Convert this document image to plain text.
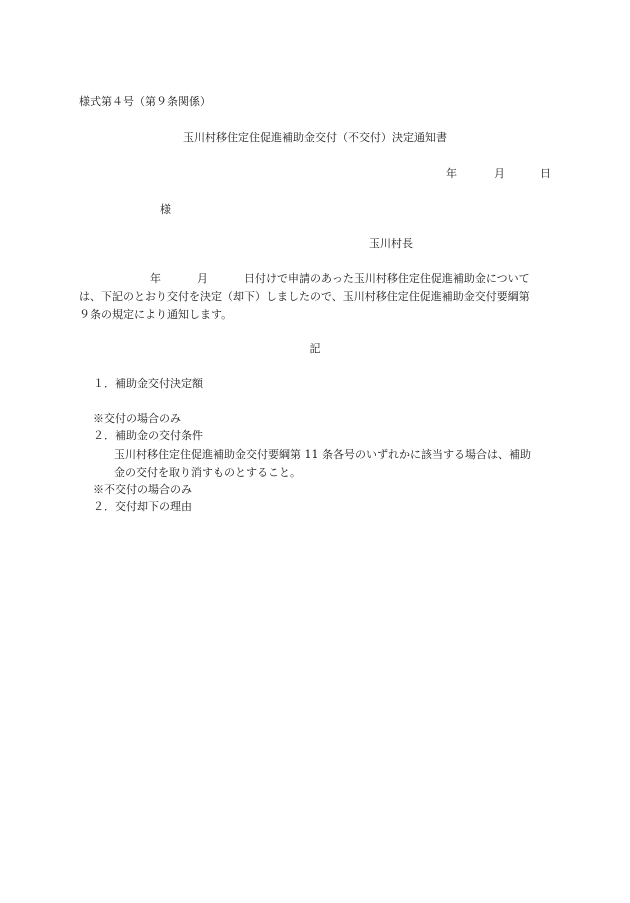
様式第４号（第９条関係）
玉川村移住定住促進補助金交付（不交付）決定通知書
年	月	日
様
玉川村長
年	月	日付けで申請のあった玉川村移住定住促進補助金について
は、下記のとおり交付を決定（却下）しましたので、玉川村移住定住促進補助金交付要綱第
９条の規定により通知します。
記
１．補助金交付決定額
※交付の場合のみ
２．補助金の交付条件
玉川村移住定住促進補助金交付要綱第 11 条各号のいずれかに該当する場合は、補助
金の交付を取り消すものとすること。
※不交付の場合のみ
２．交付却下の理由
